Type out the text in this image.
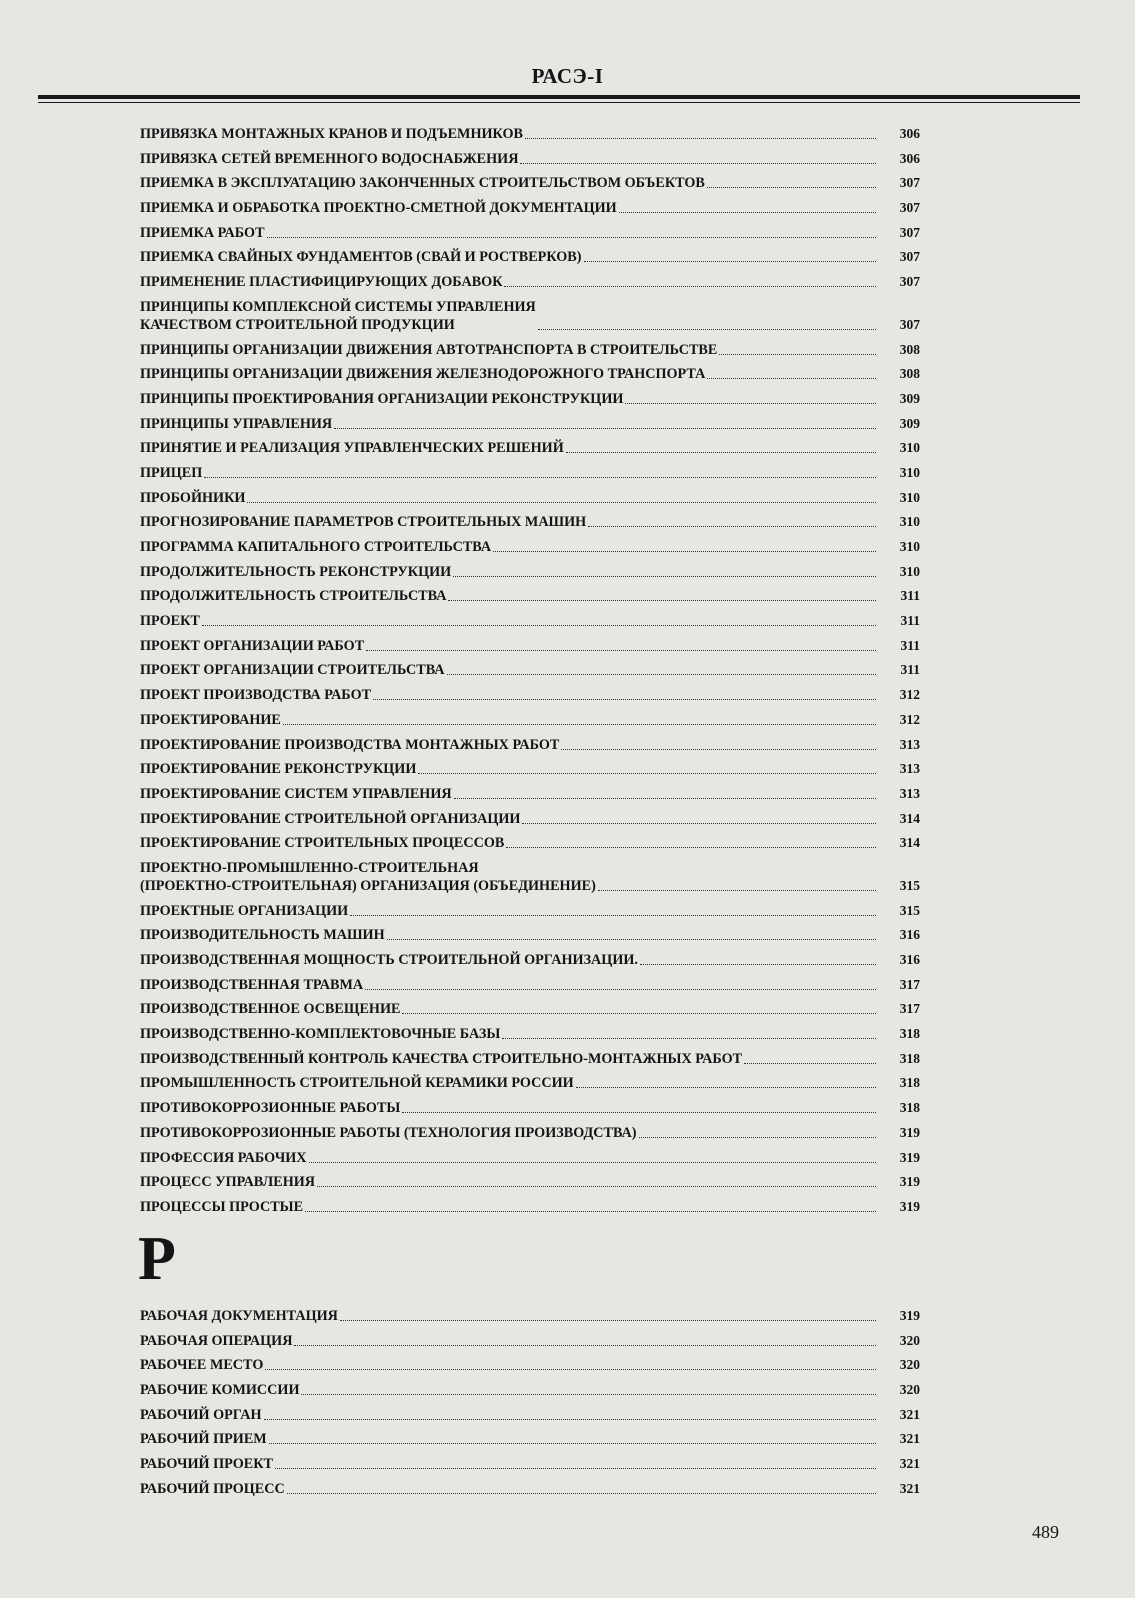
РАСЭ-I
ПРИВЯЗКА МОНТАЖНЫХ КРАНОВ И ПОДЪЕМНИКОВ	306
ПРИВЯЗКА СЕТЕЙ ВРЕМЕННОГО ВОДОСНАБЖЕНИЯ	306
ПРИЕМКА В ЭКСПЛУАТАЦИЮ ЗАКОНЧЕННЫХ СТРОИТЕЛЬСТВОМ ОБЪЕКТОВ	307
ПРИЕМКА И ОБРАБОТКА ПРОЕКТНО-СМЕТНОЙ ДОКУМЕНТАЦИИ	307
ПРИЕМКА РАБОТ	307
ПРИЕМКА СВАЙНЫХ ФУНДАМЕНТОВ (СВАЙ И РОСТВЕРКОВ)	307
ПРИМЕНЕНИЕ ПЛАСТИФИЦИРУЮЩИХ ДОБАВОК	307
ПРИНЦИПЫ КОМПЛЕКСНОЙ СИСТЕМЫ УПРАВЛЕНИЯ
КАЧЕСТВОМ СТРОИТЕЛЬНОЙ ПРОДУКЦИИ	307
ПРИНЦИПЫ ОРГАНИЗАЦИИ ДВИЖЕНИЯ АВТОТРАНСПОРТА В СТРОИТЕЛЬСТВЕ	308
ПРИНЦИПЫ ОРГАНИЗАЦИИ ДВИЖЕНИЯ ЖЕЛЕЗНОДОРОЖНОГО ТРАНСПОРТА	308
ПРИНЦИПЫ ПРОЕКТИРОВАНИЯ ОРГАНИЗАЦИИ РЕКОНСТРУКЦИИ	309
ПРИНЦИПЫ УПРАВЛЕНИЯ	309
ПРИНЯТИЕ И РЕАЛИЗАЦИЯ УПРАВЛЕНЧЕСКИХ РЕШЕНИЙ	310
ПРИЦЕП	310
ПРОБОЙНИКИ	310
ПРОГНОЗИРОВАНИЕ ПАРАМЕТРОВ СТРОИТЕЛЬНЫХ МАШИН	310
ПРОГРАММА КАПИТАЛЬНОГО СТРОИТЕЛЬСТВА	310
ПРОДОЛЖИТЕЛЬНОСТЬ РЕКОНСТРУКЦИИ	310
ПРОДОЛЖИТЕЛЬНОСТЬ СТРОИТЕЛЬСТВА	311
ПРОЕКТ	311
ПРОЕКТ ОРГАНИЗАЦИИ РАБОТ	311
ПРОЕКТ ОРГАНИЗАЦИИ СТРОИТЕЛЬСТВА	311
ПРОЕКТ ПРОИЗВОДСТВА РАБОТ	312
ПРОЕКТИРОВАНИЕ	312
ПРОЕКТИРОВАНИЕ ПРОИЗВОДСТВА МОНТАЖНЫХ РАБОТ	313
ПРОЕКТИРОВАНИЕ РЕКОНСТРУКЦИИ	313
ПРОЕКТИРОВАНИЕ СИСТЕМ УПРАВЛЕНИЯ	313
ПРОЕКТИРОВАНИЕ СТРОИТЕЛЬНОЙ ОРГАНИЗАЦИИ	314
ПРОЕКТИРОВАНИЕ СТРОИТЕЛЬНЫХ ПРОЦЕССОВ	314
ПРОЕКТНО-ПРОМЫШЛЕННО-СТРОИТЕЛЬНАЯ
(ПРОЕКТНО-СТРОИТЕЛЬНАЯ) ОРГАНИЗАЦИЯ (ОБЪЕДИНЕНИЕ)	315
ПРОЕКТНЫЕ ОРГАНИЗАЦИИ	315
ПРОИЗВОДИТЕЛЬНОСТЬ МАШИН	316
ПРОИЗВОДСТВЕННАЯ МОЩНОСТЬ СТРОИТЕЛЬНОЙ ОРГАНИЗАЦИИ.	316
ПРОИЗВОДСТВЕННАЯ ТРАВМА	317
ПРОИЗВОДСТВЕННОЕ ОСВЕЩЕНИЕ	317
ПРОИЗВОДСТВЕННО-КОМПЛЕКТОВОЧНЫЕ БАЗЫ	318
ПРОИЗВОДСТВЕННЫЙ КОНТРОЛЬ КАЧЕСТВА СТРОИТЕЛЬНО-МОНТАЖНЫХ РАБОТ	318
ПРОМЫШЛЕННОСТЬ СТРОИТЕЛЬНОЙ КЕРАМИКИ РОССИИ	318
ПРОТИВОКОРРОЗИОННЫЕ РАБОТЫ	318
ПРОТИВОКОРРОЗИОННЫЕ РАБОТЫ (ТЕХНОЛОГИЯ ПРОИЗВОДСТВА)	319
ПРОФЕССИЯ РАБОЧИХ	319
ПРОЦЕСС УПРАВЛЕНИЯ	319
ПРОЦЕССЫ ПРОСТЫЕ	319
Р
РАБОЧАЯ ДОКУМЕНТАЦИЯ	319
РАБОЧАЯ ОПЕРАЦИЯ	320
РАБОЧЕЕ МЕСТО	320
РАБОЧИЕ КОМИССИИ	320
РАБОЧИЙ ОРГАН	321
РАБОЧИЙ ПРИЕМ	321
РАБОЧИЙ ПРОЕКТ	321
РАБОЧИЙ ПРОЦЕСС	321
489
